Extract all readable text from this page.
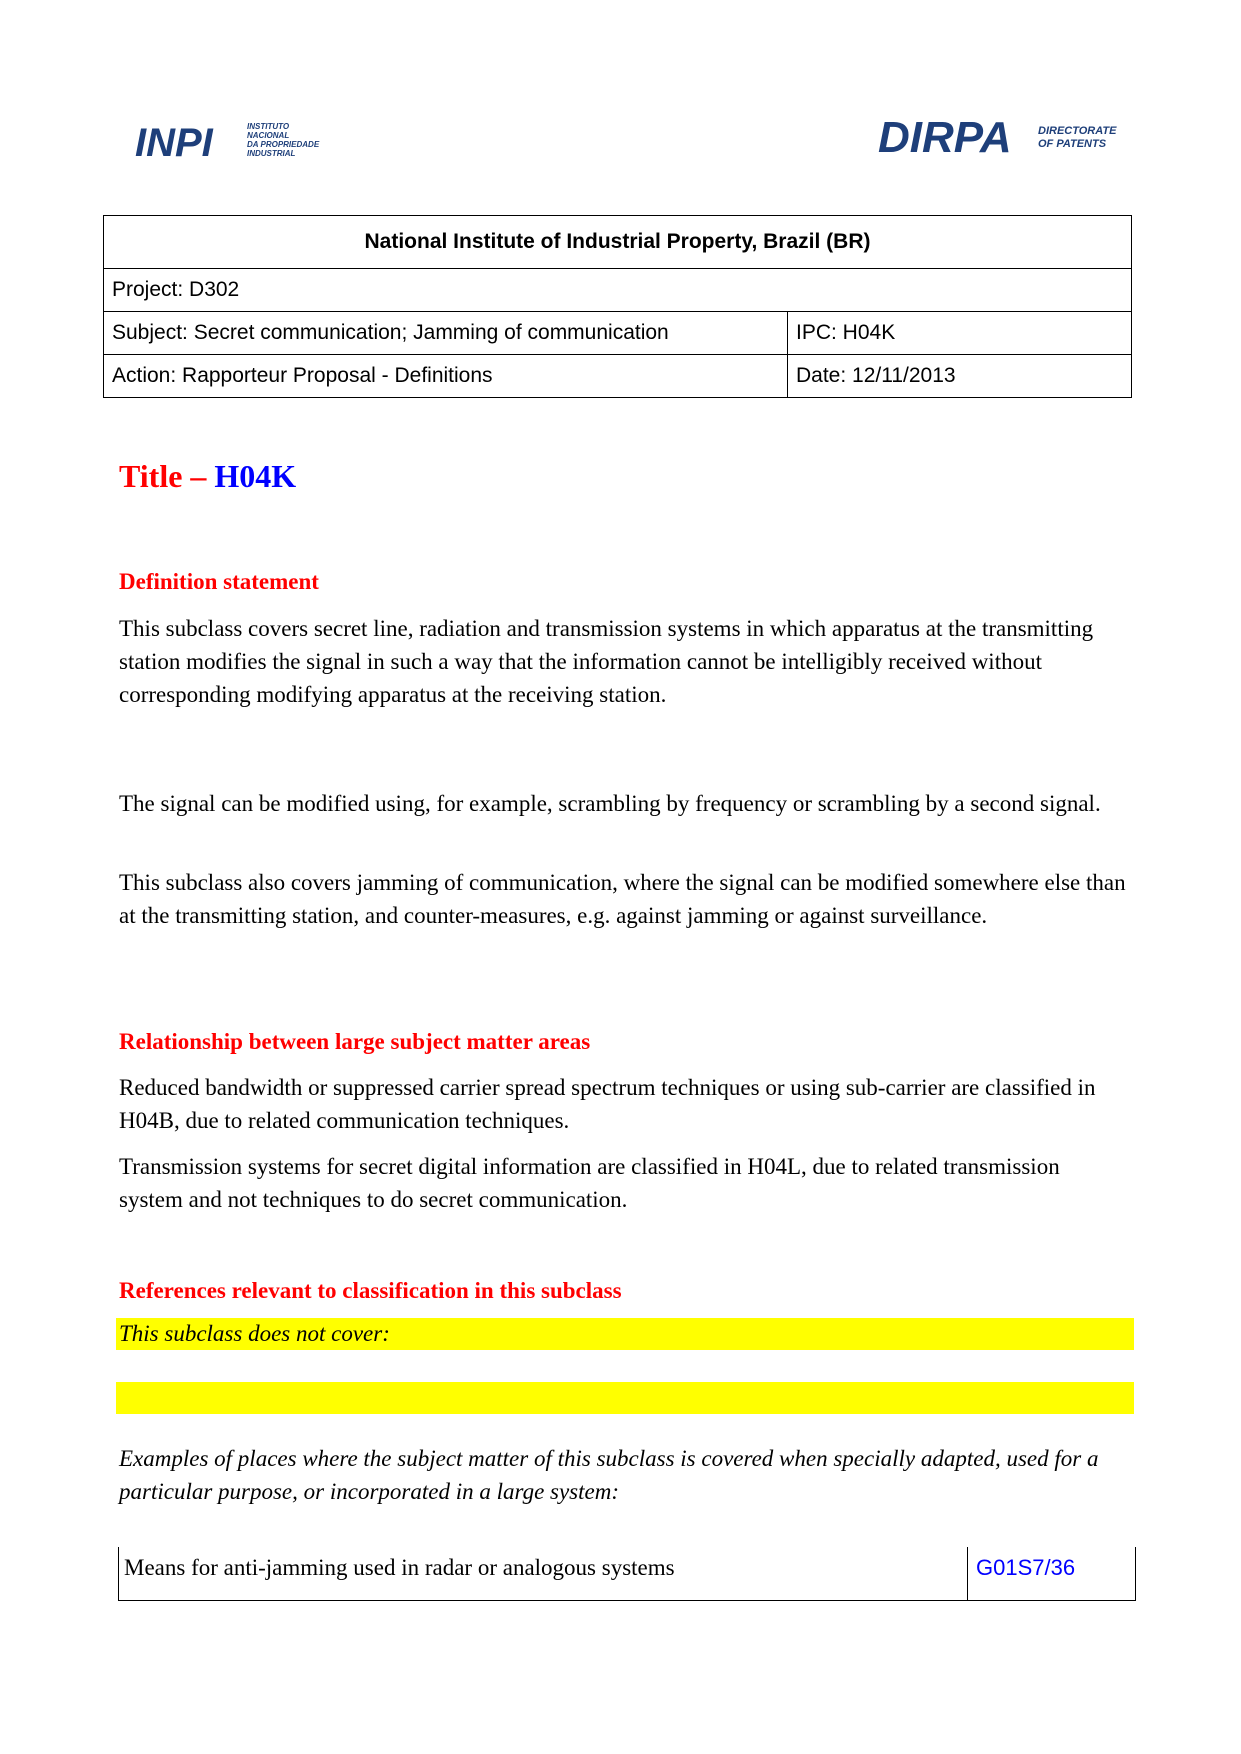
INPI	INSTITUTO
NACIONAL
DA PROPRIEDADE
INDUSTRIAL	DIRPA DIRECTORATE
OF PATENTS
National Institute of Industrial Property, Brazil (BR)	
Project: D302	
Subject: Secret communication; Jamming of communication	IPC: H04K
Action: Rapporteur Proposal - Definitions	Date: 12/11/2013
Title – H04K
Definition statement

This subclass covers secret line, radiation and transmission systems in which apparatus at the transmitting station modifies the signal in such a way that the information cannot be intelligibly received without corresponding modifying apparatus at the receiving station.

The signal can be modified using, for example, scrambling by frequency or scrambling by a second signal.

This subclass also covers jamming of communication, where the signal can be modified somewhere else than at the transmitting station, and counter-measures, e.g. against jamming or against surveillance.

Relationship between large subject matter areas

Reduced bandwidth or suppressed carrier spread spectrum techniques or using sub-carrier are classified in H04B, due to related communication techniques.

Transmission systems for secret digital information are classified in H04L, due to related transmission system and not techniques to do secret communication.

References relevant to classification in this subclass
This subclass does not cover:

Examples of places where the subject matter of this subclass is covered when specially adapted, used for a particular purpose, or incorporated in a large system:

Means for anti-jamming used in radar or analogous systems	G01S7/36
